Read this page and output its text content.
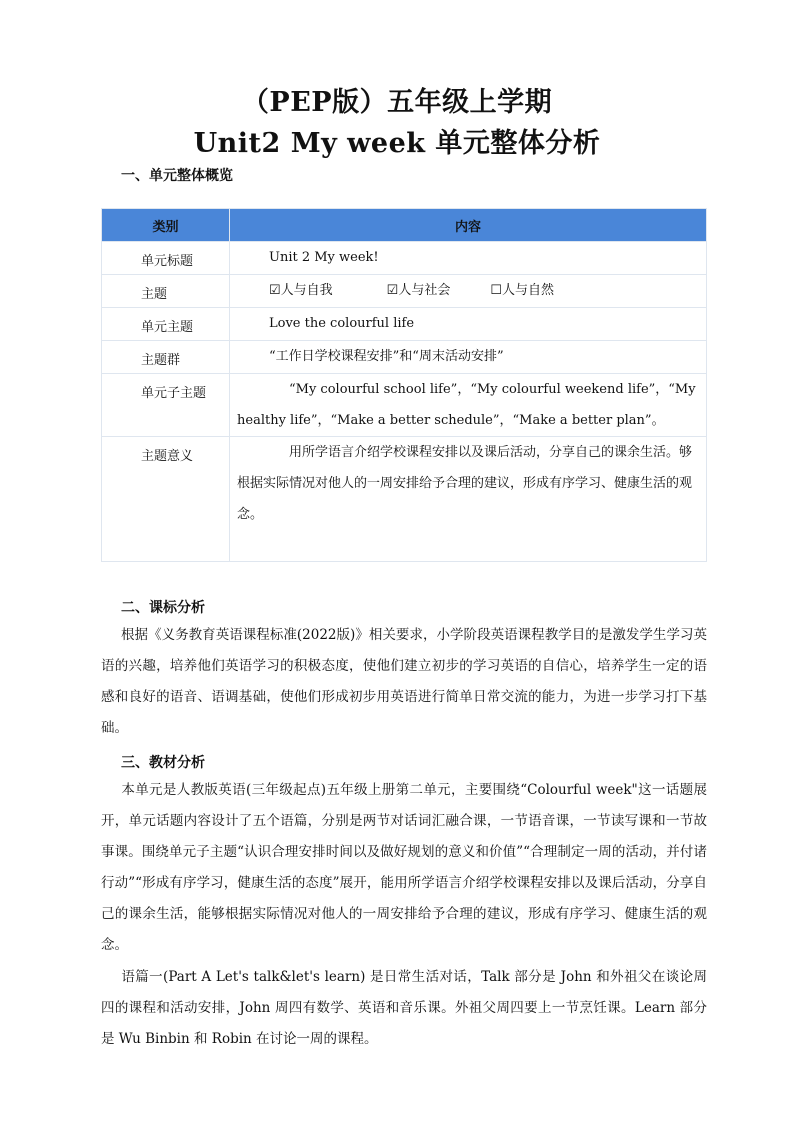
（PEP版）五年级上学期
Unit2 My week 单元整体分析
一、单元整体概览
类别	内容
单元标题	Unit 2 My week!
主题	☑人与自我 ☑人与社会 ☐人与自然
单元主题	Love the colourful life
主题群	“工作日学校课程安排”和“周末活动安排”
单元子主题	“My colourful school life”，“My colourful weekend life”，“My healthy life”，“Make a better schedule”，“Make a better plan”。
主题意义	用所学语言介绍学校课程安排以及课后活动，分享自己的课余生活。够根据实际情况对他人的一周安排给予合理的建议，形成有序学习、健康生活的观念。
二、课标分析
根据《义务教育英语课程标准(2022版)》相关要求，小学阶段英语课程教学目的是激发学生学习英语的兴趣，培养他们英语学习的积极态度，使他们建立初步的学习英语的自信心，培养学生一定的语感和良好的语音、语调基础，使他们形成初步用英语进行简单日常交流的能力，为进一步学习打下基础。
三、教材分析
本单元是人教版英语(三年级起点)五年级上册第二单元，主要围绕“Colourful week"这一话题展开，单元话题内容设计了五个语篇，分别是两节对话词汇融合课，一节语音课，一节读写课和一节故事课。围绕单元子主题“认识合理安排时间以及做好规划的意义和价值”“合理制定一周的活动，并付诸行动”“形成有序学习，健康生活的态度”展开，能用所学语言介绍学校课程安排以及课后活动，分享自己的课余生活，能够根据实际情况对他人的一周安排给予合理的建议，形成有序学习、健康生活的观念。
语篇一(Part A Let's talk&let's learn) 是日常生活对话，Talk 部分是 John 和外祖父在谈论周四的课程和活动安排，John 周四有数学、英语和音乐课。外祖父周四要上一节烹饪课。Learn 部分是 Wu Binbin 和 Robin 在讨论一周的课程。
